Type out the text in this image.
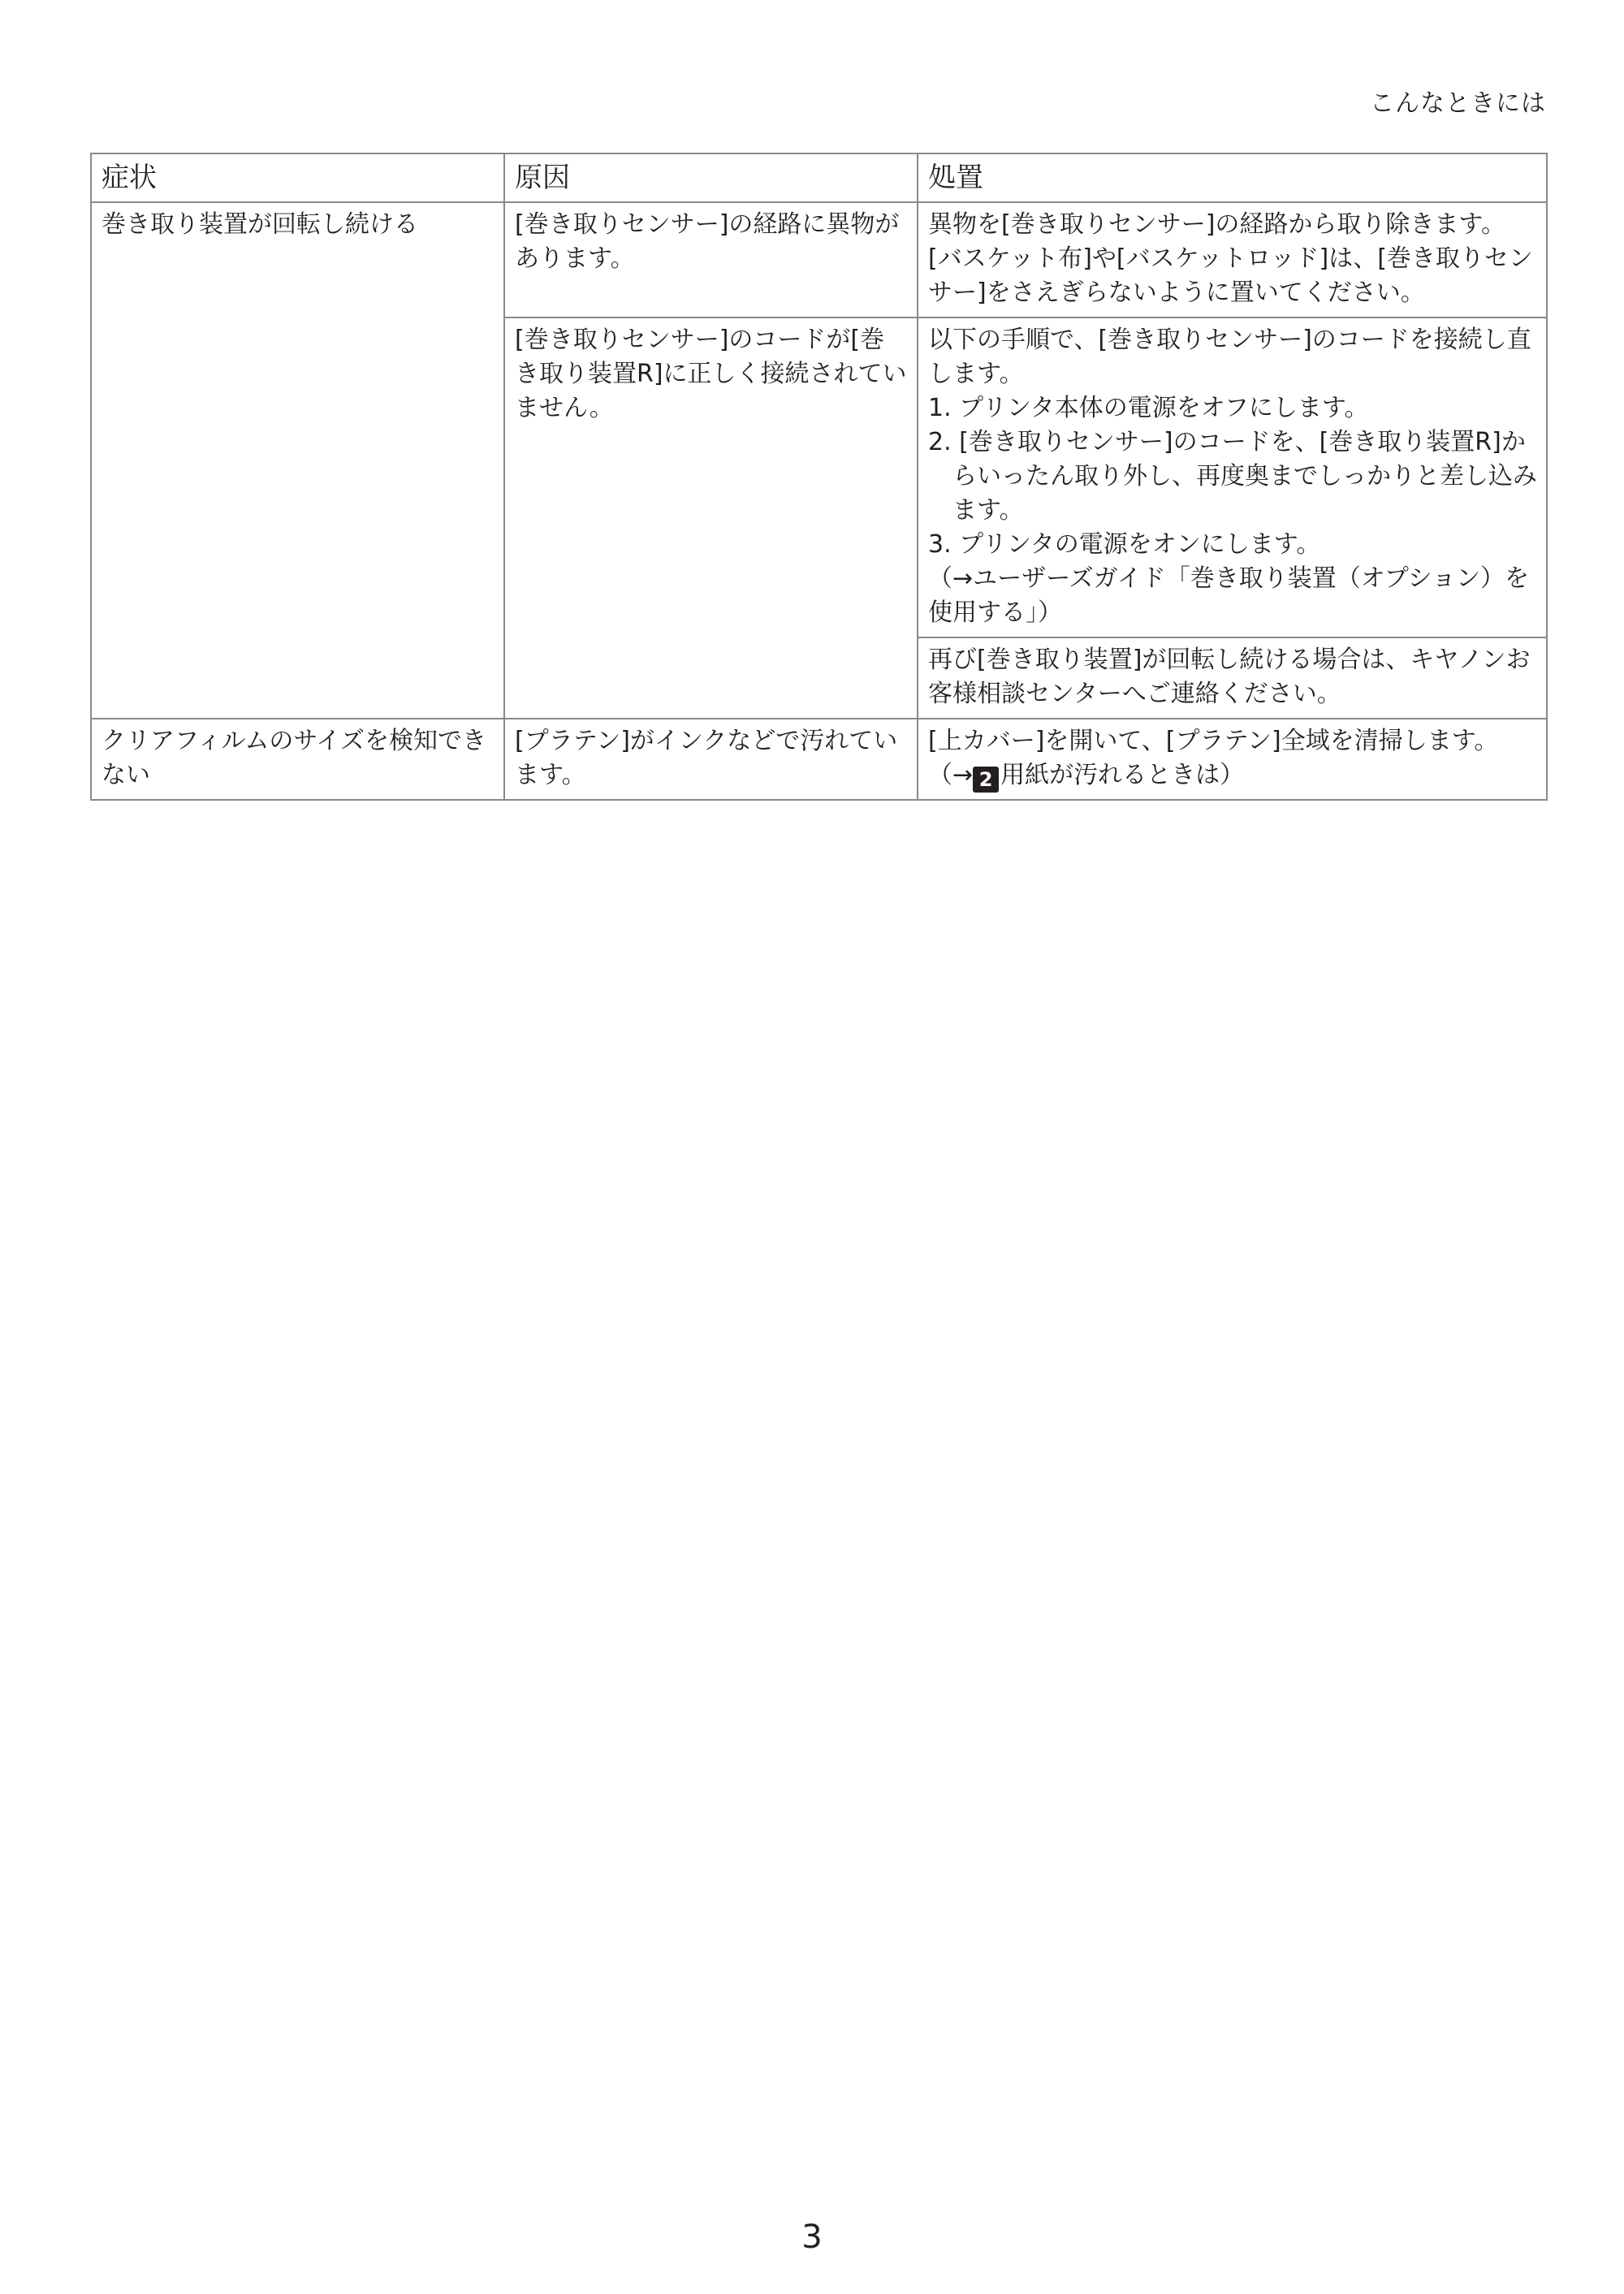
こんなときには
症状	原因	処置
巻き取り装置が回転し続ける	[巻き取りセンサー]の経路に異物があります。	異物を[巻き取りセンサー]の経路から取り除きます。
[バスケット布]や[バスケットロッド]は、[巻き取りセンサー]をさえぎらないように置いてください。

	[巻き取りセンサー]のコードが[巻き取り装置R]に正しく接続されていません。	以下の手順で、[巻き取りセンサー]のコードを接続し直します。
1. プリンタ本体の電源をオフにします。
2. [巻き取りセンサー]のコードを、[巻き取り装置R]からいったん取り外し、再度奥までしっかりと差し込みます。
3. プリンタの電源をオンにします。
（→ユーザーズガイド「巻き取り装置（オプション）を使用する」）

		再び[巻き取り装置]が回転し続ける場合は、キヤノンお客様相談センターへご連絡ください。
クリアフィルムのサイズを検知できない	[プラテン]がインクなどで汚れています。	[上カバー]を開いて、[プラテン]全域を清掃します。
（→ 2 用紙が汚れるときは）
3
